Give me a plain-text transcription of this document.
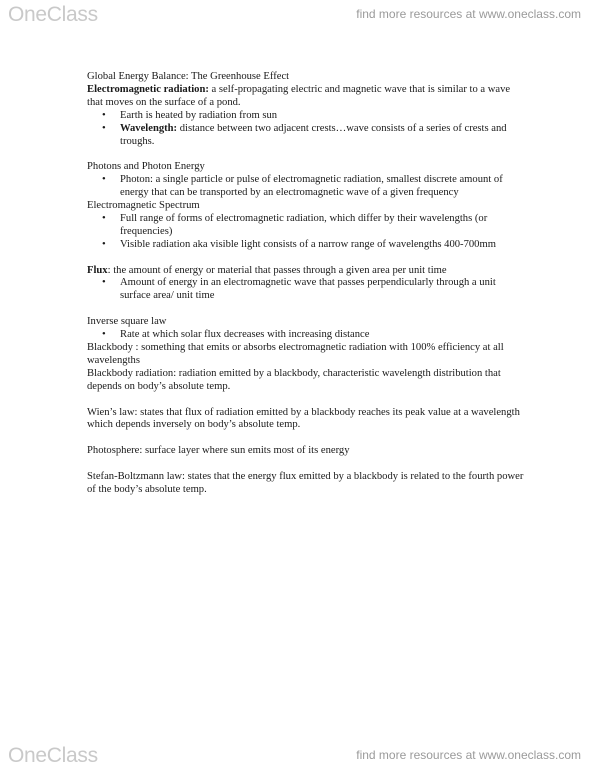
OneClass	find more resources at www.oneclass.com

Global Energy Balance: The Greenhouse Effect

Electromagnetic radiation: a self-propagating electric and magnetic wave that is similar to a wave that moves on the surface of a pond.

• Earth is heated by radiation from sun
• Wavelength: distance between two adjacent crests…wave consists of a series of crests and troughs.

Photons and Photon Energy

• Photon: a single particle or pulse of electromagnetic radiation, smallest discrete amount of energy that can be transported by an electromagnetic wave of a given frequency

Electromagnetic Spectrum

• Full range of forms of electromagnetic radiation, which differ by their wavelengths (or frequencies)
• Visible radiation aka visible light consists of a narrow range of wavelengths 400-700mm

Flux: the amount of energy or material that passes through a given area per unit time

• Amount of energy in an electromagnetic wave that passes perpendicularly through a unit surface area/ unit time

Inverse square law

• Rate at which solar flux decreases with increasing distance

Blackbody : something that emits or absorbs electromagnetic radiation with 100% efficiency at all wavelengths

Blackbody radiation: radiation emitted by a blackbody, characteristic wavelength distribution that depends on body’s absolute temp.

Wien’s law: states that flux of radiation emitted by a blackbody reaches its peak value at a wavelength which depends inversely on body’s absolute temp.

Photosphere: surface layer where sun emits most of its energy

Stefan-Boltzmann law: states that the energy flux emitted by a blackbody is related to the fourth power of the body’s absolute temp.

OneClass	find more resources at www.oneclass.com
